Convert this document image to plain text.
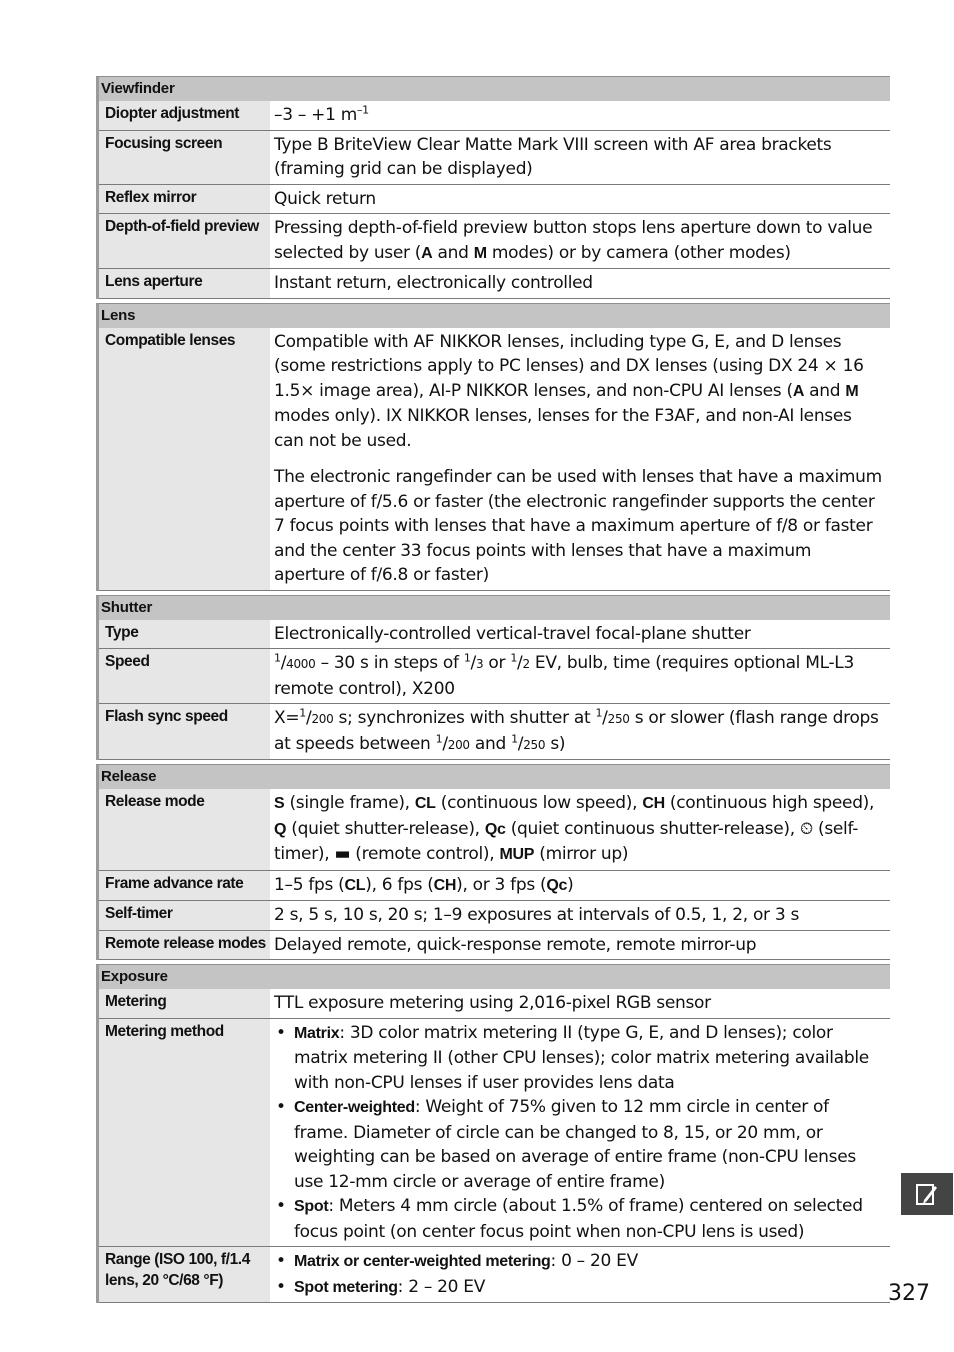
Viewfinder
Diopter adjustment	–3 – +1 $m^{-1}$
Focusing screen	Type B BriteView Clear Matte Mark VIII screen with AF area brackets (framing grid can be displayed)
Reflex mirror	Quick return
Depth-of-field preview Pressing depth-of-field preview button stops lens aperture down to value selected by user (A and M modes) or by camera (other modes)
Lens aperture	Instant return, electronically controlled
Lens
Compatible lenses	Compatible with AF NIKKOR lenses, including type G, E, and D lenses (some restrictions apply to PC lenses) and DX lenses (using DX 24 × 16 1.5× image area), AI-P NIKKOR lenses, and non-CPU AI lenses (A and M modes only). IX NIKKOR lenses, lenses for the F3AF, and non-AI lenses can not be used.

The electronic rangefinder can be used with lenses that have a maximum aperture of f/5.6 or faster (the electronic rangefinder supports the center 7 focus points with lenses that have a maximum aperture of f/8 or faster and the center 33 focus points with lenses that have a maximum aperture of f/6.8 or faster)

Shutter
Type	Electronically-controlled vertical-travel focal-plane shutter
Speed	$^1$/4000 – 30 s in steps of $^1$/3 or $^1$/2 EV, bulb, time (requires optional ML-L3 remote control), X200
Flash sync speed	X=$^1$/200 s; synchronizes with shutter at $^1$/250 s or slower (flash range drops at speeds between $^1$/200 and $^1$/250 s)
Release
Release mode	S (single frame), CL (continuous low speed), CH (continuous high speed), Q (quiet shutter-release), Qc (quiet continuous shutter-release), ⏲ (self-timer), ▬ (remote control), MUP (mirror up)
Frame advance rate	1–5 fps (CL), 6 fps (CH), or 3 fps (Qc)
Self-timer	2 s, 5 s, 10 s, 20 s; 1–9 exposures at intervals of 0.5, 1, 2, or 3 s
Remote release modes Delayed remote, quick-response remote, remote mirror-up
Exposure
Metering	TTL exposure metering using 2,016-pixel RGB sensor
Metering method
•	Matrix: 3D color matrix metering II (type G, E, and D lenses); color matrix metering II (other CPU lenses); color matrix metering available with non-CPU lenses if user provides lens data
• Center-weighted: Weight of 75% given to 12 mm circle in center of frame. Diameter of circle can be changed to 8, 15, or 20 mm, or weighting can be based on average of entire frame (non-CPU lenses use 12-mm circle or average of entire frame)
• Spot: Meters 4 mm circle (about 1.5% of frame) centered on selected focus point (on center focus point when non-CPU lens is used)
Range (ISO 100, f/1.4 lens, 20 °C/68 °F)
• Matrix or center-weighted metering: 0 – 20 EV
• Spot metering: 2 – 20 EV	327
